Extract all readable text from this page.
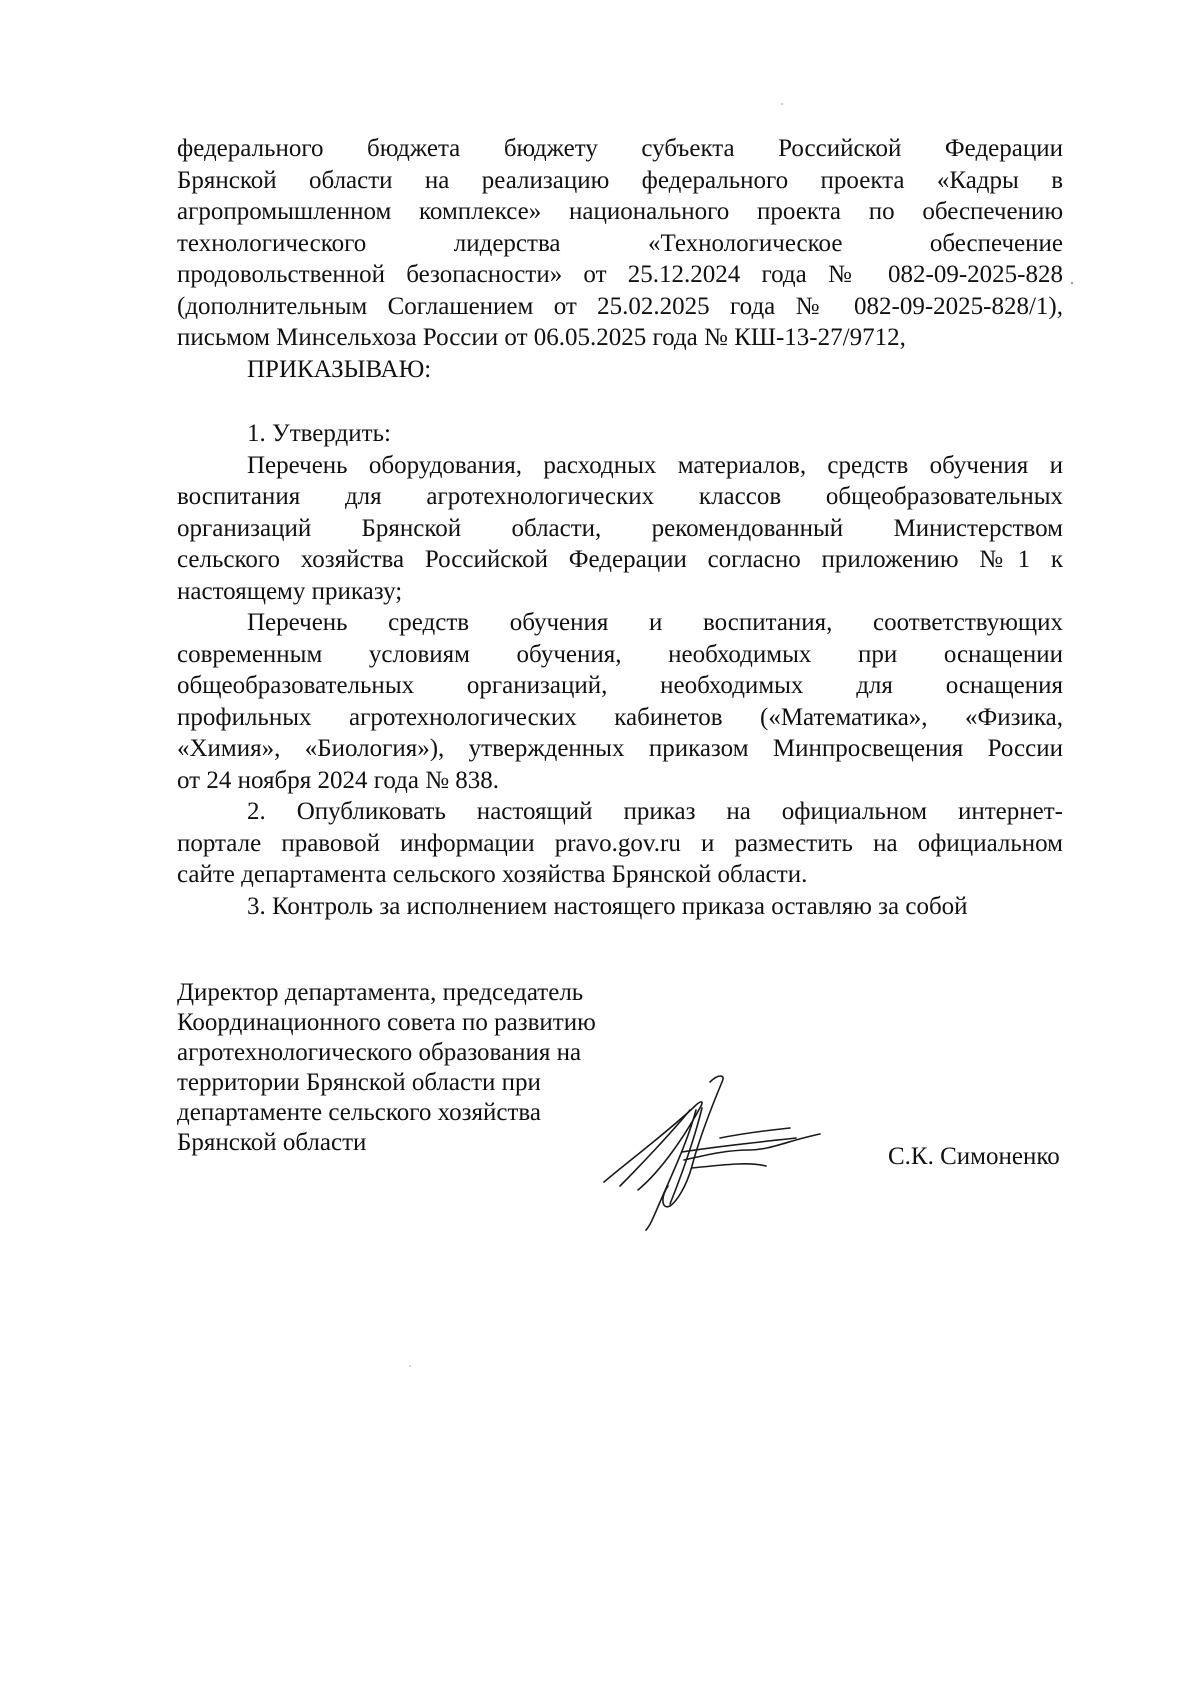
федерального бюджета бюджету субъекта Российской Федерации
Брянской области на реализацию федерального проекта «Кадры в
агропромышленном комплексе» национального проекта по обеспечению
технологического лидерства «Технологическое обеспечение
продовольственной безопасности» от 25.12.2024 года № 082-09-2025-828
(дополнительным Соглашением от 25.02.2025 года № 082-09-2025-828/1),
письмом Минсельхоза России от 06.05.2025 года № КШ-13-27/9712,
ПРИКАЗЫВАЮ:
1. Утвердить:
Перечень оборудования, расходных материалов, средств обучения и
воспитания для агротехнологических классов общеобразовательных
организаций Брянской области, рекомендованный Министерством
сельского хозяйства Российской Федерации согласно приложению №1 к
настоящему приказу;
Перечень средств обучения и воспитания, соответствующих
современным условиям обучения, необходимых при оснащении
общеобразовательных организаций, необходимых для оснащения
профильных агротехнологических кабинетов («Математика», «Физика,
«Химия», «Биология»), утвержденных приказом Минпросвещения России
от 24 ноября 2024 года № 838.
2. Опубликовать настоящий приказ на официальном интернет-
портале правовой информации pravo.gov.ru и разместить на официальном
сайте департамента сельского хозяйства Брянской области.
3. Контроль за исполнением настоящего приказа оставляю за собой
Директор департамента, председатель
Координационного совета по развитию
агротехнологического образования на
территории Брянской области при
департаменте сельского хозяйства
Брянской области
С.К. Симоненко
